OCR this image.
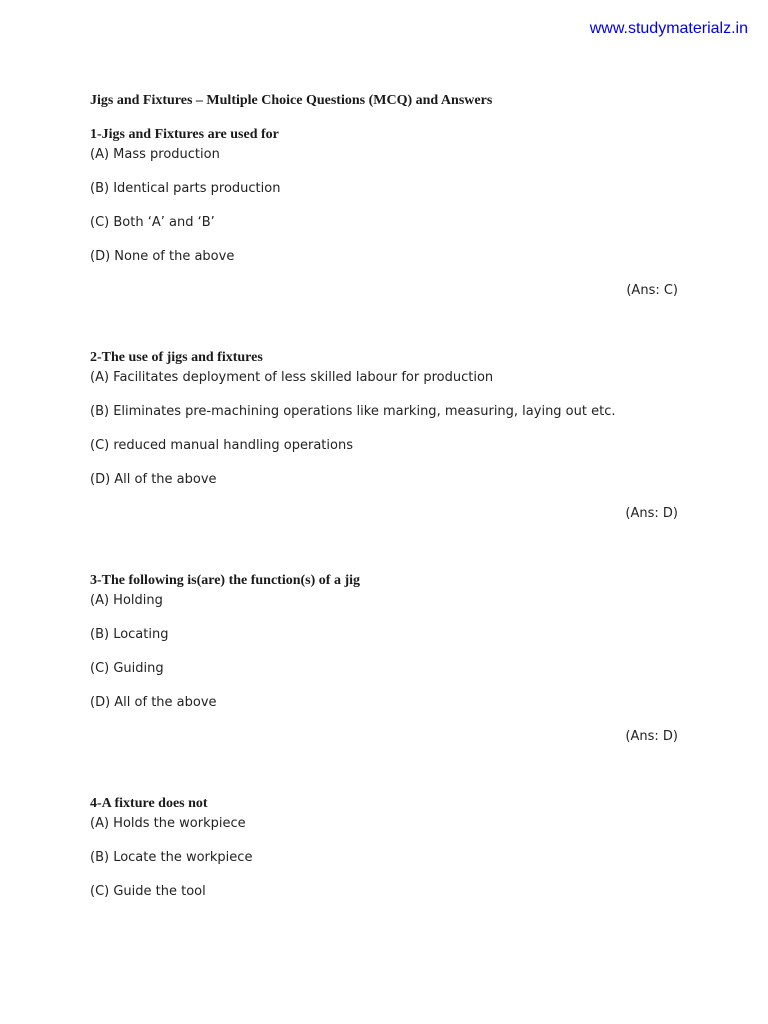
www.studymaterialz.in
Jigs and Fixtures – Multiple Choice Questions (MCQ) and Answers

1-Jigs and Fixtures are used for

(A) Mass production

(B) Identical parts production

(C) Both ‘A’ and ‘B’

(D) None of the above

(Ans: C)

2-The use of jigs and fixtures

(A) Facilitates deployment of less skilled labour for production

(B) Eliminates pre-machining operations like marking, measuring, laying out etc.

(C) reduced manual handling operations

(D) All of the above

(Ans: D)

3-The following is(are) the function(s) of a jig

(A) Holding

(B) Locating

(C) Guiding

(D) All of the above

(Ans: D)

4-A fixture does not

(A) Holds the workpiece

(B) Locate the workpiece

(C) Guide the tool
